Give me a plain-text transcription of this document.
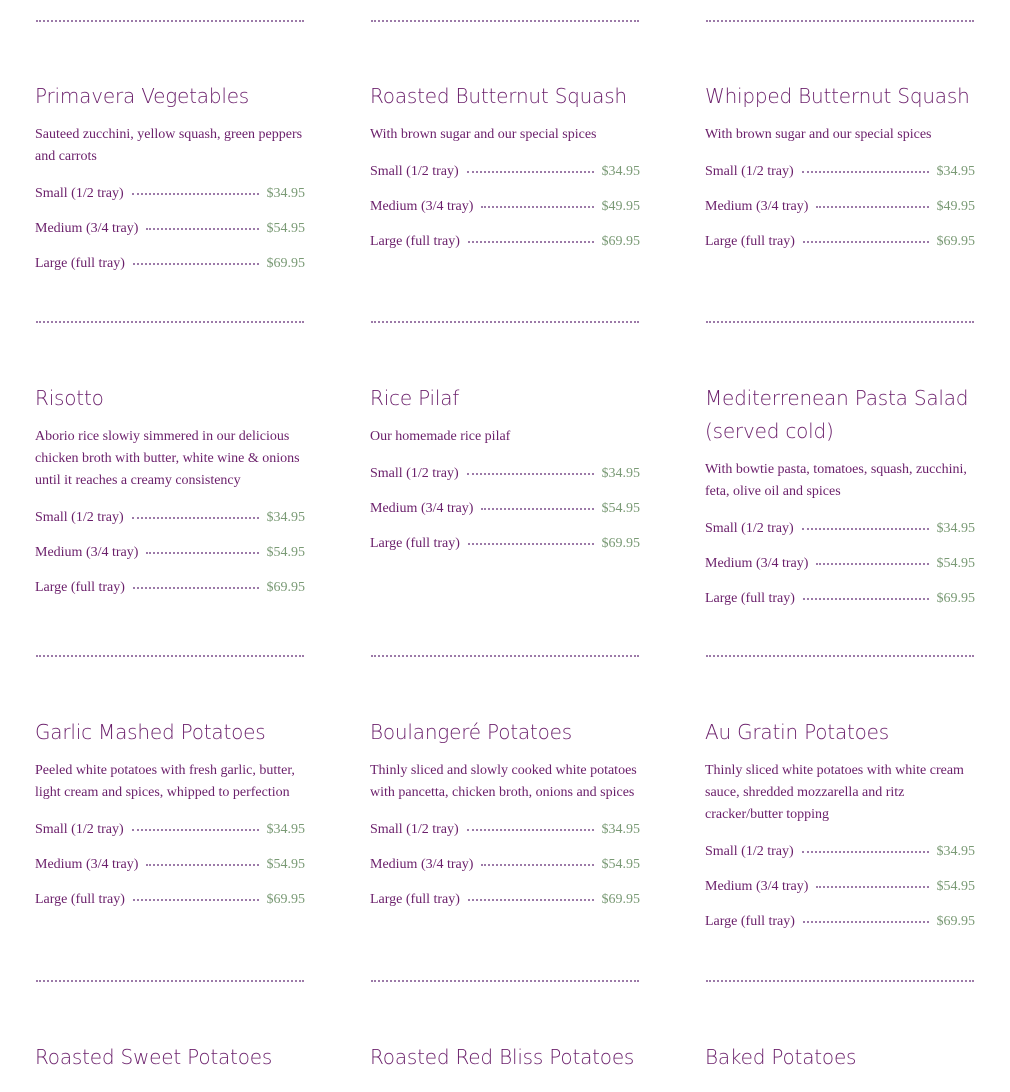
Primavera Vegetables

Sauteed zucchini, yellow squash, green peppers and carrots

Small (1/2 tray)	$34.95
Medium (3/4 tray)	$54.95
Large (full tray)	$69.95
Roasted Butternut Squash

With brown sugar and our special spices

Small (1/2 tray)	$34.95
Medium (3/4 tray)	$49.95
Large (full tray)	$69.95
Whipped Butternut Squash

With brown sugar and our special spices

Small (1/2 tray)	$34.95
Medium (3/4 tray)	$49.95
Large (full tray)	$69.95
Risotto

Aborio rice slowiy simmered in our delicious chicken broth with butter, white wine & onions until it reaches a creamy consistency

Small (1/2 tray)	$34.95
Medium (3/4 tray)	$54.95
Large (full tray)	$69.95
Rice Pilaf

Our homemade rice pilaf

Small (1/2 tray)	$34.95
Medium (3/4 tray)	$54.95
Large (full tray)	$69.95
Mediterrenean Pasta Salad (served cold)

With bowtie pasta, tomatoes, squash, zucchini, feta, olive oil and spices

Small (1/2 tray)	$34.95
Medium (3/4 tray)	$54.95
Large (full tray)	$69.95
Garlic Mashed Potatoes

Peeled white potatoes with fresh garlic, butter, light cream and spices, whipped to perfection

Small (1/2 tray)	$34.95
Medium (3/4 tray)	$54.95
Large (full tray)	$69.95
Boulangeré Potatoes

Thinly sliced and slowly cooked white potatoes with pancetta, chicken broth, onions and spices

Small (1/2 tray)	$34.95
Medium (3/4 tray)	$54.95
Large (full tray)	$69.95
Au Gratin Potatoes

Thinly sliced white potatoes with white cream sauce, shredded mozzarella and ritz cracker/butter topping

Small (1/2 tray)	$34.95
Medium (3/4 tray)	$54.95
Large (full tray)	$69.95
Roasted Sweet Potatoes	Roasted Red Bliss Potatoes	Baked Potatoes
